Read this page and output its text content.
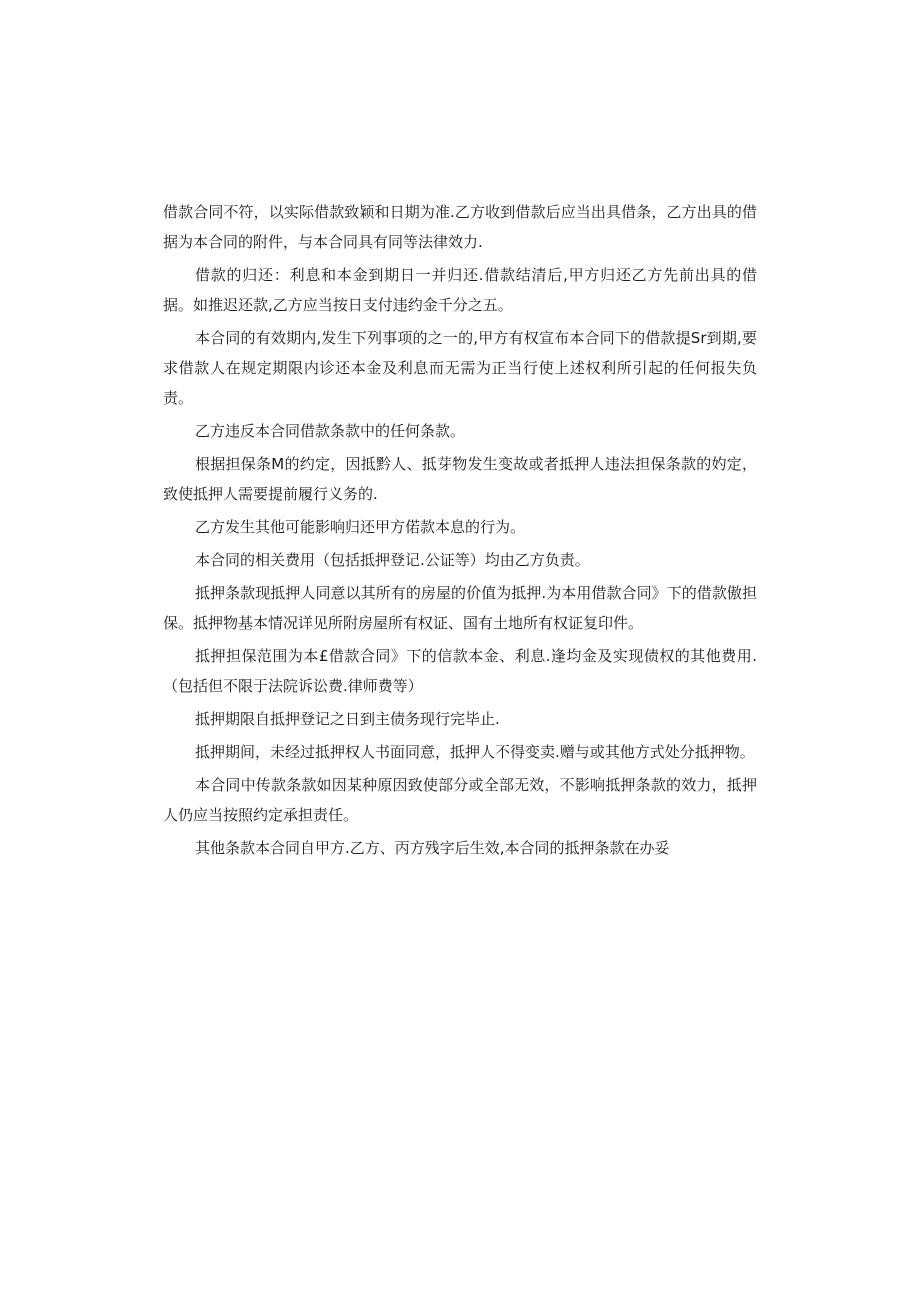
借款合同不符，以实际借款致颖和日期为准.乙方收到借款后应当出具借条，乙方出具的借据为本合同的附件，与本合同具有同等法律效力.

借款的归还：利息和本金到期日一并归还.借款结清后,甲方归还乙方先前出具的借据。如推迟还款,乙方应当按日支付违约金千分之五。

本合同的有效期内,发生下列事项的之一的,甲方有权宣布本合同下的借款提Sr到期,要求借款人在规定期限内诊还本金及利息而无需为正当行使上述权利所引起的任何报失负责。

乙方违反本合同借款条款中的任何条款。

根据担保条M的约定，因抵黔人、抵芽物发生变故或者抵押人违法担保条款的妁定，致使抵押人需要提前履行义务的.

乙方发生其他可能影响归还甲方偌款本息的行为。

本合同的相关费用（包括抵押登记.公证等）均由乙方负责。

抵押条款现抵押人同意以其所有的房屋的价值为抵押.为本用借款合同》下的借款傲担保。抵押物基本情况详见所附房屋所有权证、国有土地所有权证复印件。

抵押担保范围为本£借款合同》下的信款本金、利息.逢均金及实现债权的其他费用.（包括但不限于法院诉讼费.律师费等）

抵押期限自抵押登记之日到主债务现行完毕止.

抵押期间，未经过抵押权人书面同意，抵押人不得变卖.赠与或其他方式处分抵押物。

本合同中传款条款如因某种原因致使部分或全部无效，不影响抵押条款的效力，抵押人仍应当按照约定承担责任。

其他条款本合同自甲方.乙方、丙方残字后生效,本合同的抵押条款在办妥
